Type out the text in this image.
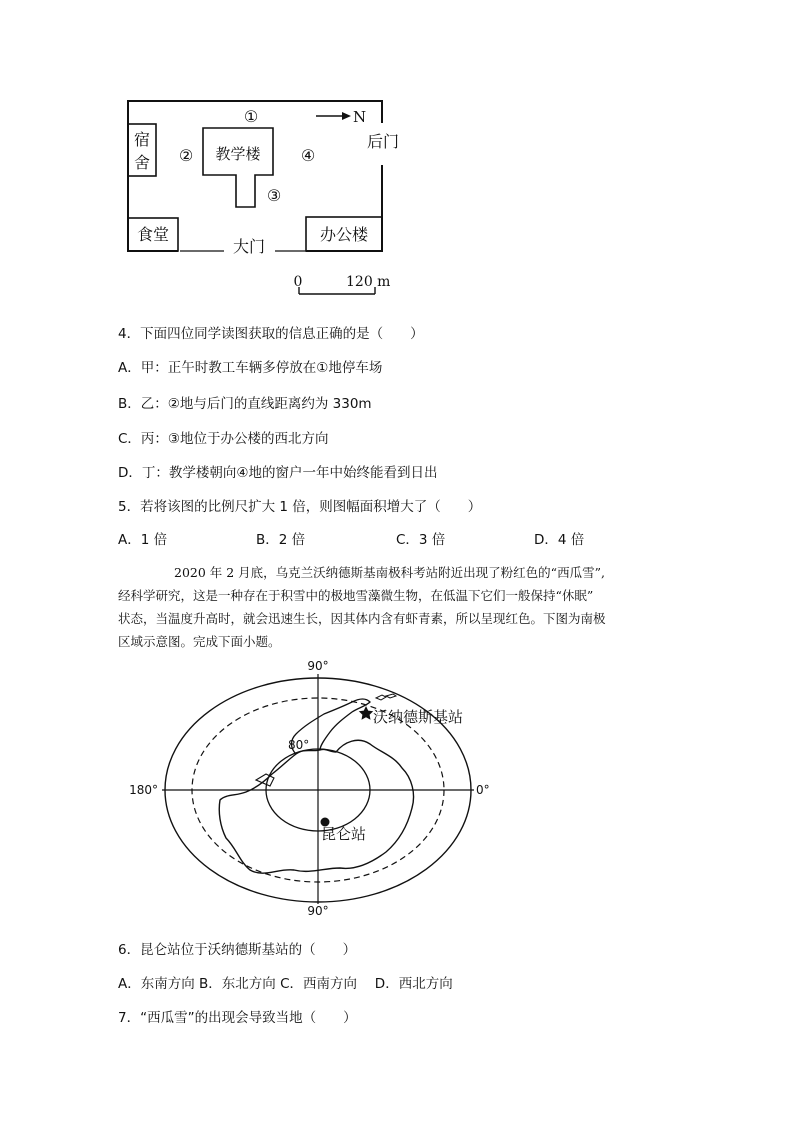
宿
舍	教学楼
①
②
③
④
N
后门
食堂
大门
办公楼
0	120 m
4．下面四位同学读图获取的信息正确的是（　　）
A．甲：正午时教工车辆多停放在①地停车场
B．乙：②地与后门的直线距离约为 330m
C．丙：③地位于办公楼的西北方向
D．丁：教学楼朝向④地的窗户一年中始终能看到日出
5．若将该图的比例尺扩大 1 倍，则图幅面积增大了（　　）
A．1 倍	B．2 倍	C．3 倍	D．4 倍
2020 年 2 月底，乌克兰沃纳德斯基南极科考站附近出现了粉红色的“西瓜雪”,
经科学研究，这是一种存在于积雪中的极地雪藻微生物，在低温下它们一般保持“休眠”
状态，当温度升高时，就会迅速生长，因其体内含有虾青素，所以呈现红色。下图为南极
区域示意图。完成下面小题。
90°
90°
180°	0°
80°
沃纳德斯基站
昆仑站
6．昆仑站位于沃纳德斯基站的（　　）
A．东南方向 B．东北方向 C．西南方向　 D．西北方向
7．“西瓜雪”的出现会导致当地（　　）
